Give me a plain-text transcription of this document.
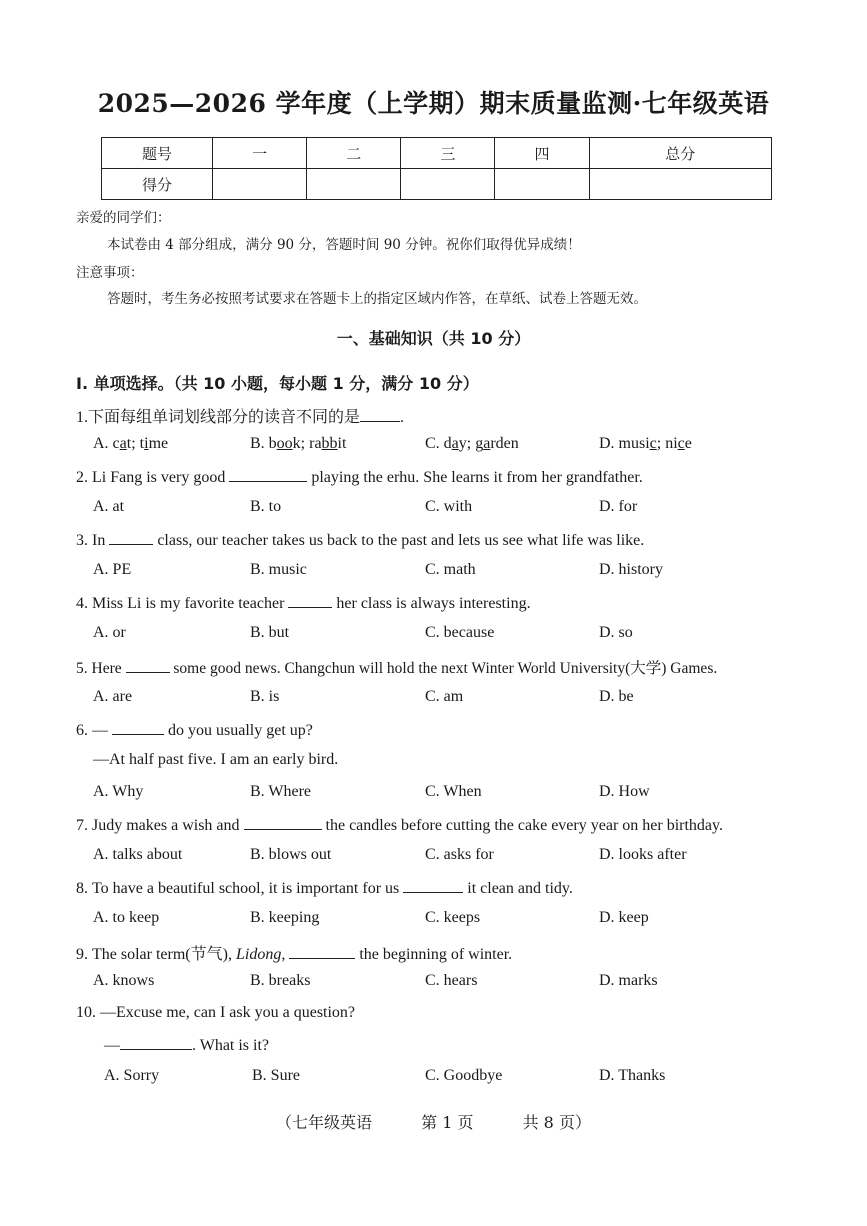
2025—2026 学年度（上学期）期末质量监测·七年级英语
题号	一	二	三	四	总分
得分					
亲爱的同学们：
本试卷由 4 部分组成，满分 90 分，答题时间 90 分钟。祝你们取得优异成绩！
注意事项：
答题时，考生务必按照考试要求在答题卡上的指定区域内作答，在草纸、试卷上答题无效。
一、基础知识（共 10 分）
I. 单项选择。（共 10 小题，每小题 1 分，满分 10 分）
1.下面每组单词划线部分的读音不同的是	.
A. cat; time	B. book; rabbit	C. day; garden	D. music; nice
2. Li Fang is very good	playing the erhu. She learns it from her grandfather.
A. at	B. to	C. with	D. for
3. In	class, our teacher takes us back to the past and lets us see what life was like.
A. PE	B. music	C. math	D. history
4. Miss Li is my favorite teacher	her class is always interesting.
A. or	B. but	C. because	D. so
5. Here	some good news. Changchun will hold the next Winter World University(大学) Games.
A. are	B. is	C. am	D. be
6. —	do you usually get up?
—At half past five. I am an early bird.
A. Why	B. Where	C. When	D. How
7. Judy makes a wish and	the candles before cutting the cake every year on her birthday.
A. talks about	B. blows out	C. asks for	D. looks after
8. To have a beautiful school, it is important for us	it clean and tidy.
A. to keep	B. keeping	C. keeps	D. keep
9. The solar term(节气), Lidong,	the beginning of winter.
A. knows	B. breaks	C. hears	D. marks
10. —Excuse me, can I ask you a question?
—	. What is it?
A. Sorry	B. Sure	C. Goodbye	D. Thanks
（七年级英语	第 1 页	共 8 页）
